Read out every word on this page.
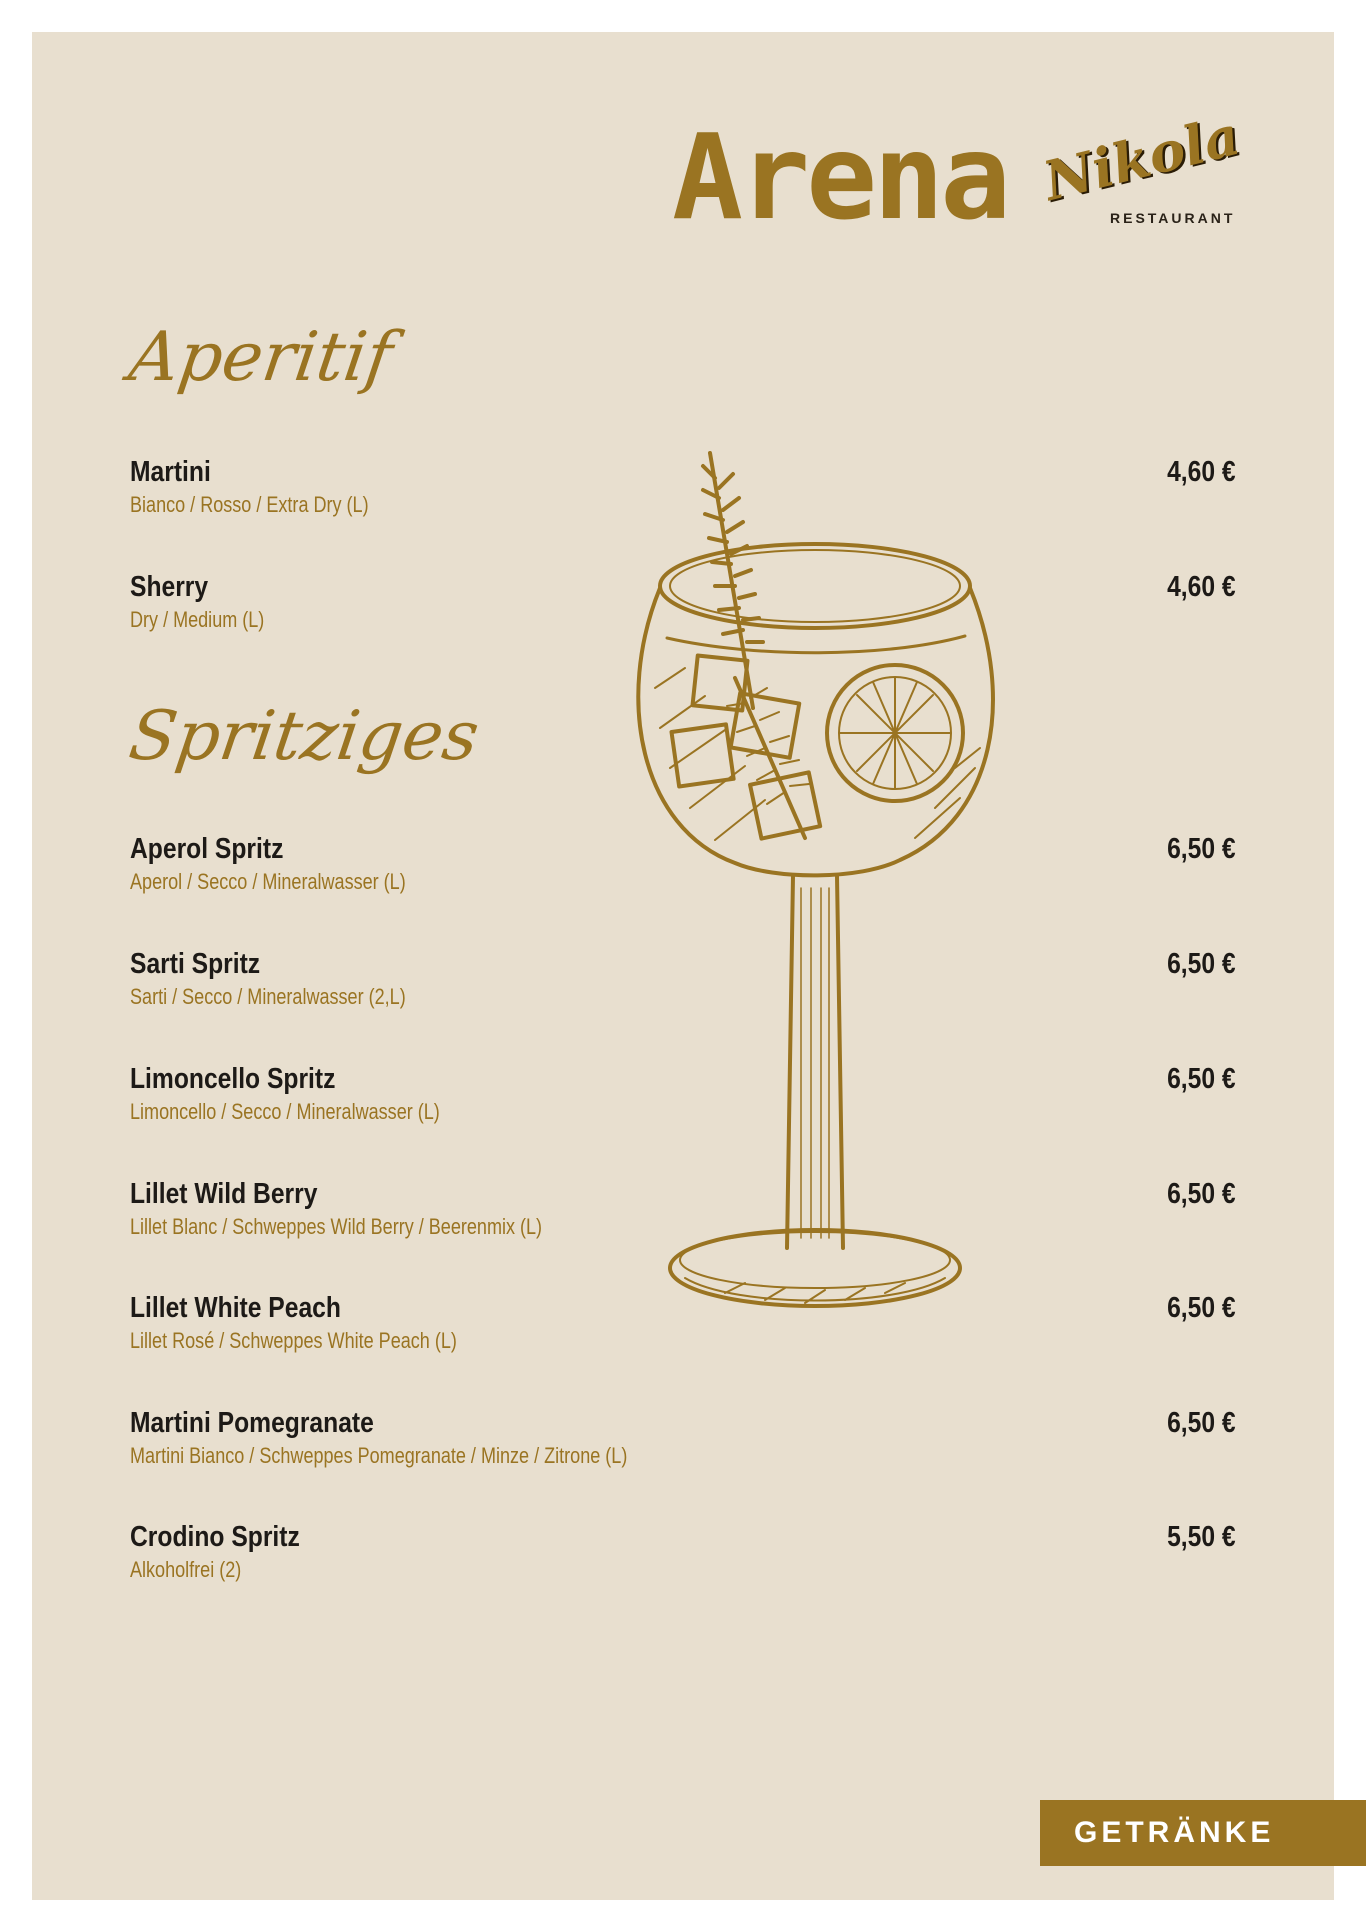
Arena Nikola
RESTAURANT
Aperitif
Martini
Bianco / Rosso / Extra Dry (L)
4,60 €
Sherry
Dry / Medium (L)
4,60 €
Spritziges
Aperol Spritz
Aperol / Secco / Mineralwasser (L)
6,50 €
Sarti Spritz
Sarti / Secco / Mineralwasser (2,L)
6,50 €
Limoncello Spritz
Limoncello / Secco / Mineralwasser (L)
6,50 €
Lillet Wild Berry
Lillet Blanc / Schweppes Wild Berry / Beerenmix (L)
6,50 €
Lillet White Peach
Lillet Rosé / Schweppes White Peach (L)
6,50 €
Martini Pomegranate
Martini Bianco / Schweppes Pomegranate / Minze / Zitrone (L)
6,50 €
Crodino Spritz
Alkoholfrei (2)
5,50 €
GETRÄNKE
